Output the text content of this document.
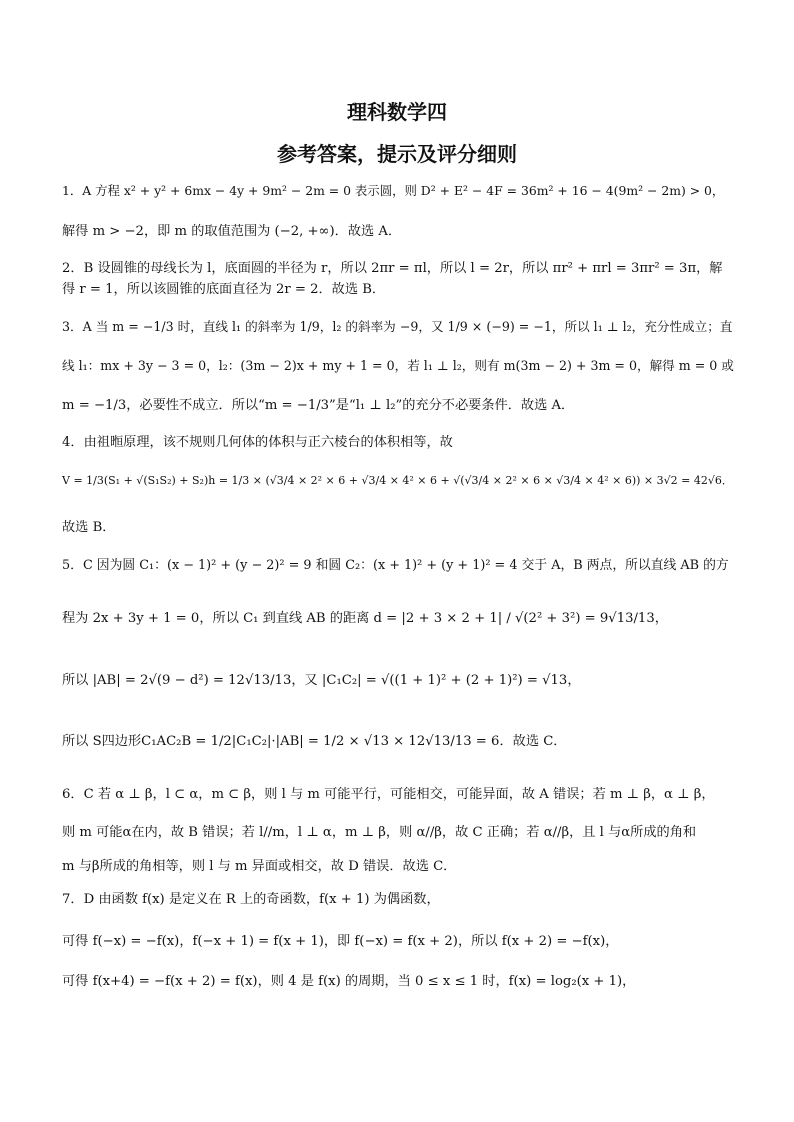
理科数学四
参考答案，提示及评分细则
1．A 方程 x² + y² + 6mx − 4y + 9m² − 2m = 0 表示圆，则 D² + E² − 4F = 36m² + 16 − 4(9m² − 2m) > 0，
解得 m > −2，即 m 的取值范围为 (−2, +∞)．故选 A．
2．B 设圆锥的母线长为 l，底面圆的半径为 r，所以 2πr = πl，所以 l = 2r，所以 πr² + πrl = 3πr² = 3π，解
得 r = 1，所以该圆锥的底面直径为 2r = 2．故选 B．
3．A 当 m = −1/3 时，直线 l₁ 的斜率为 1/9，l₂ 的斜率为 −9，又 1/9 × (−9) = −1，所以 l₁ ⊥ l₂，充分性成立；直
线 l₁：mx + 3y − 3 = 0，l₂：(3m − 2)x + my + 1 = 0，若 l₁ ⊥ l₂，则有 m(3m − 2) + 3m = 0，解得 m = 0 或
m = −1/3，必要性不成立．所以“m = −1/3”是“l₁ ⊥ l₂”的充分不必要条件．故选 A．
4．由祖暅原理，该不规则几何体的体积与正六棱台的体积相等，故
V = 1/3(S₁ + √(S₁S₂) + S₂)h = 1/3 × (√3/4 × 2² × 6 + √3/4 × 4² × 6 + √(√3/4 × 2² × 6 × √3/4 × 4² × 6)) × 3√2 = 42√6．
故选 B．
5．C 因为圆 C₁：(x − 1)² + (y − 2)² = 9 和圆 C₂：(x + 1)² + (y + 1)² = 4 交于 A，B 两点，所以直线 AB 的方
程为 2x + 3y + 1 = 0，所以 C₁ 到直线 AB 的距离 d = |2 + 3 × 2 + 1| / √(2² + 3²) = 9√13/13，
所以 |AB| = 2√(9 − d²) = 12√13/13，又 |C₁C₂| = √((1 + 1)² + (2 + 1)²) = √13，
所以 S四边形C₁AC₂B = 1/2|C₁C₂|·|AB| = 1/2 × √13 × 12√13/13 = 6．故选 C．
6．C 若 α ⊥ β，l ⊂ α，m ⊂ β，则 l 与 m 可能平行，可能相交，可能异面，故 A 错误；若 m ⊥ β，α ⊥ β，
则 m 可能α在内，故 B 错误；若 l//m，l ⊥ α，m ⊥ β，则 α//β，故 C 正确；若 α//β，且 l 与α所成的角和
m 与β所成的角相等，则 l 与 m 异面或相交，故 D 错误．故选 C．
7．D 由函数 f(x) 是定义在 R 上的奇函数，f(x + 1) 为偶函数，
可得 f(−x) = −f(x)，f(−x + 1) = f(x + 1)，即 f(−x) = f(x + 2)，所以 f(x + 2) = −f(x)，
可得 f(x+4) = −f(x + 2) = f(x)，则 4 是 f(x) 的周期，当 0 ≤ x ≤ 1 时，f(x) = log₂(x + 1)，
